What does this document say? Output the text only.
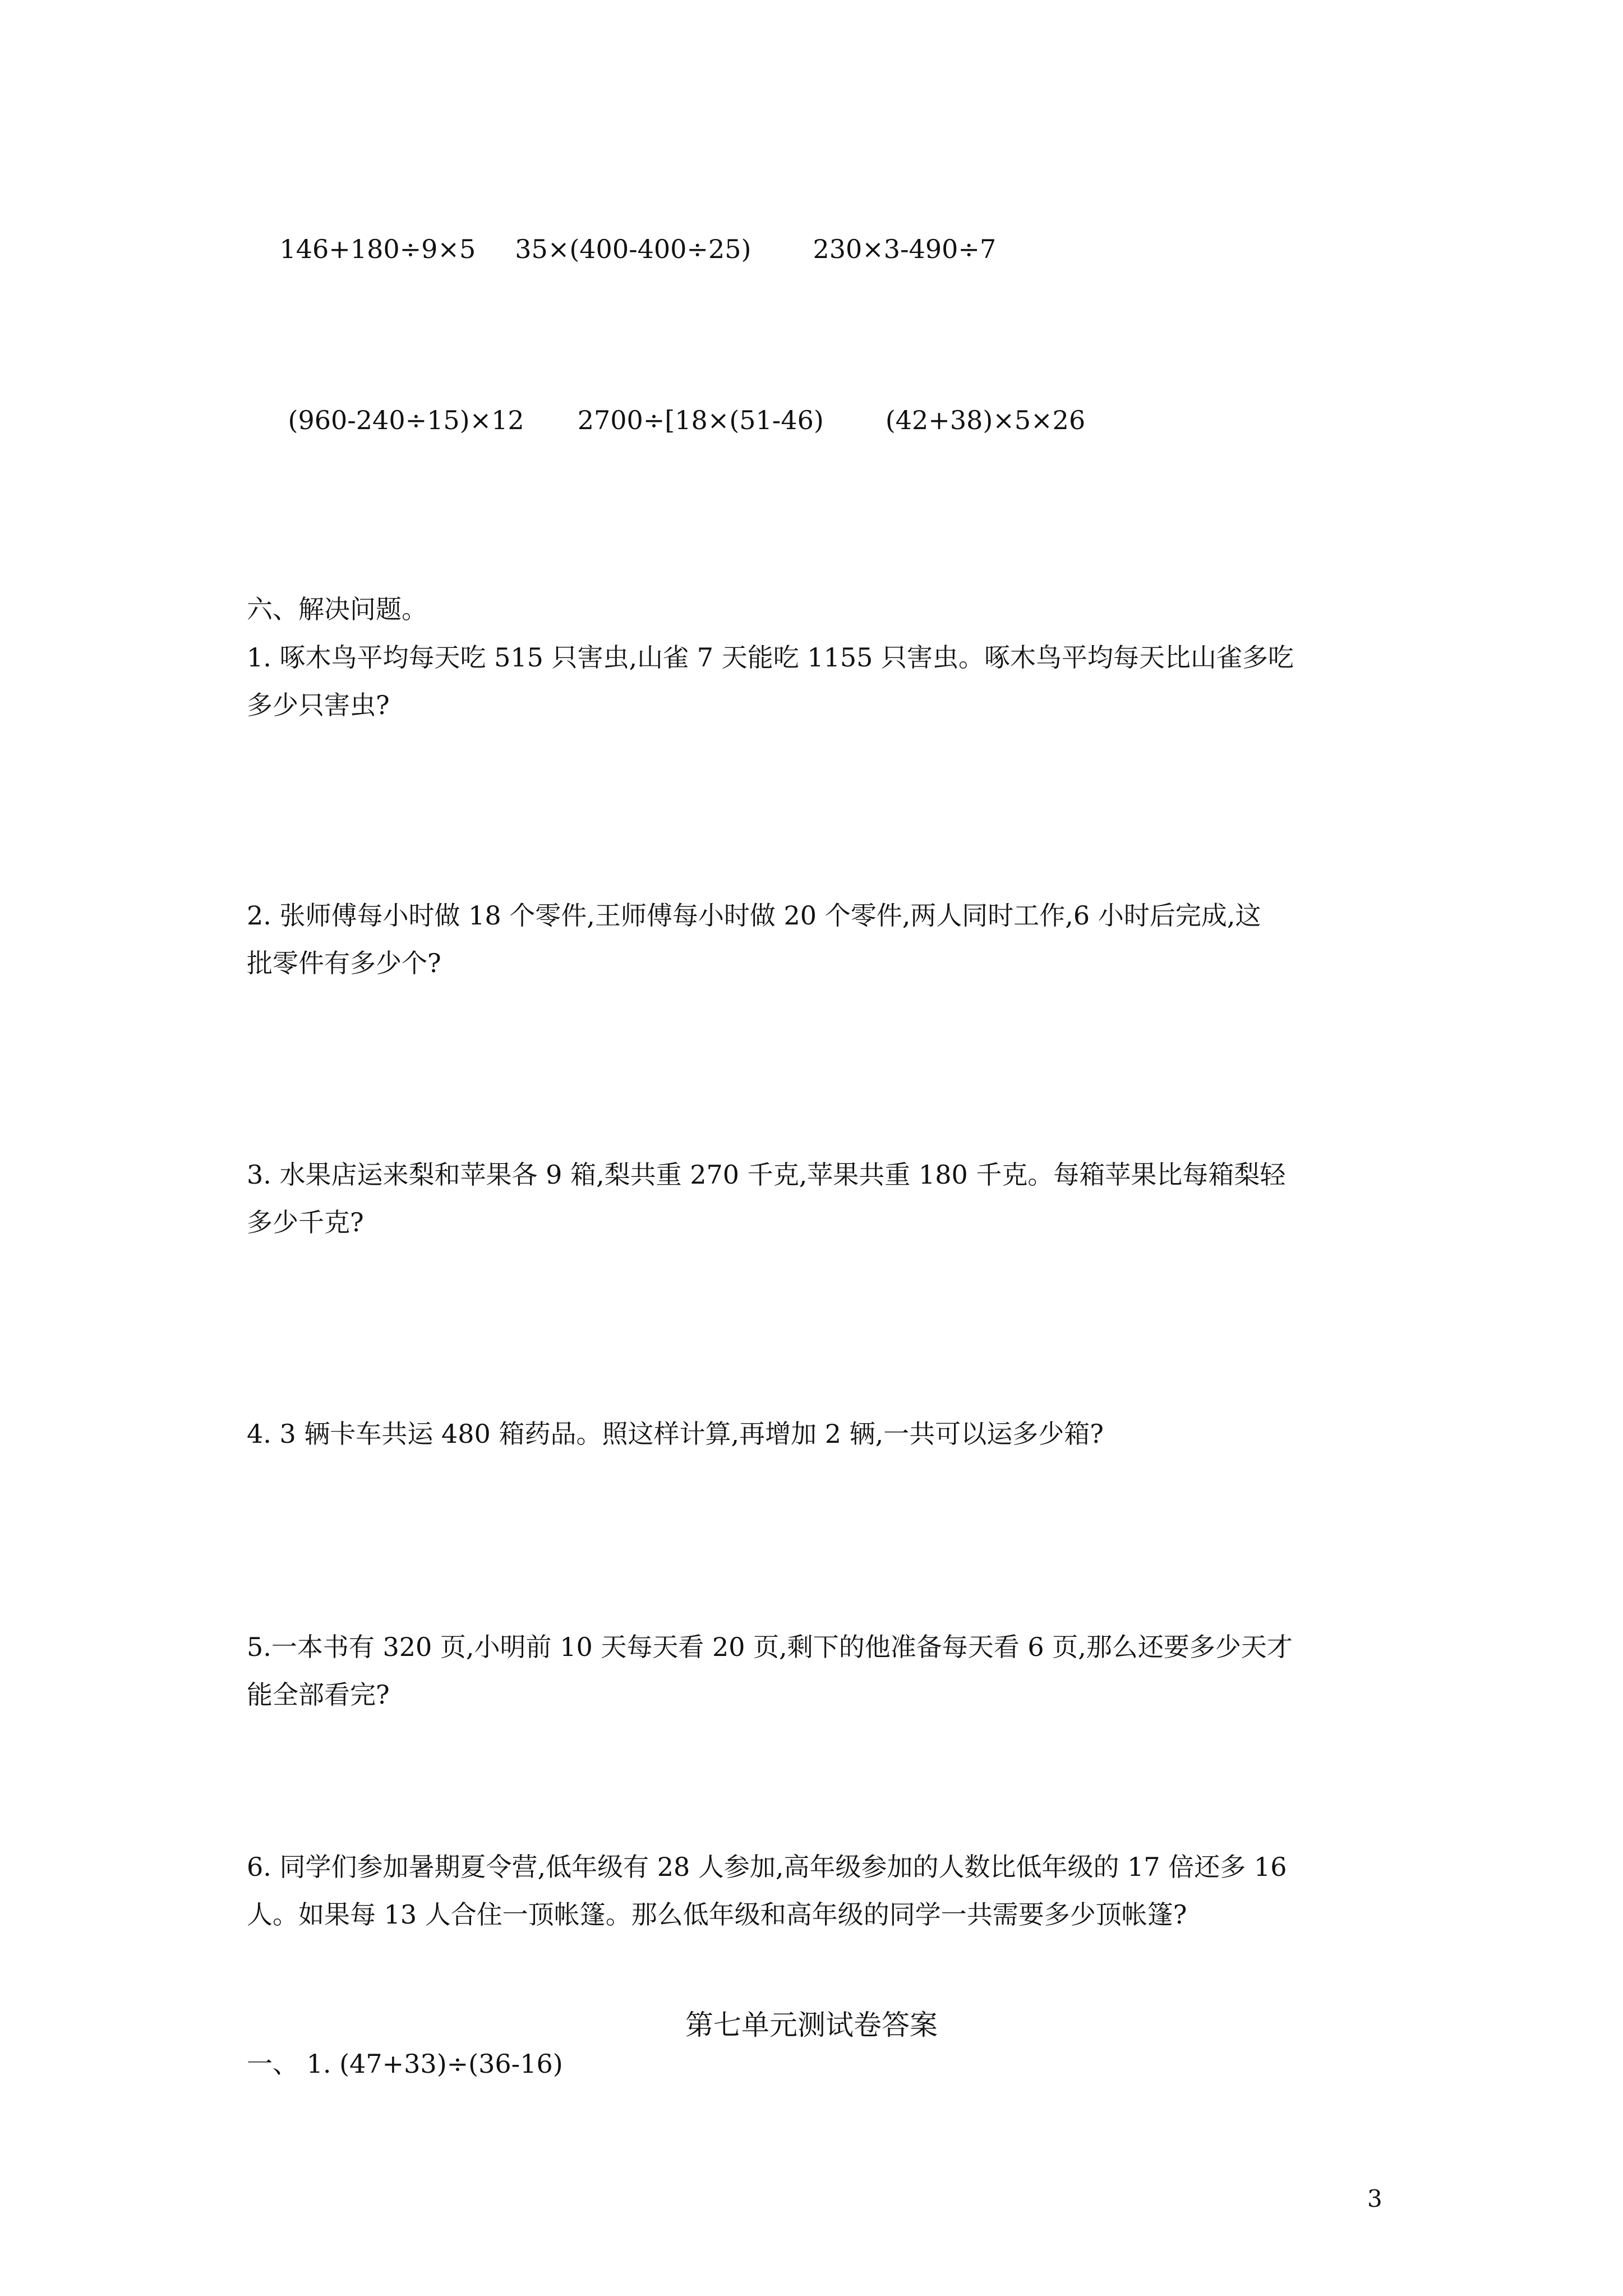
146+180÷9×5 35×(400-400÷25) 230×3-490÷7

(960-240÷15)×12 2700÷[18×(51-46) (42+38)×5×26

六、解决问题。
1. 啄木鸟平均每天吃 515 只害虫,山雀 7 天能吃 1155 只害虫。啄木鸟平均每天比山雀多吃
多少只害虫?
2. 张师傅每小时做 18 个零件,王师傅每小时做 20 个零件,两人同时工作,6 小时后完成,这
批零件有多少个?
3. 水果店运来梨和苹果各 9 箱,梨共重 270 千克,苹果共重 180 千克。每箱苹果比每箱梨轻
多少千克?
4. 3 辆卡车共运 480 箱药品。照这样计算,再增加 2 辆,一共可以运多少箱?
5.一本书有 320 页,小明前 10 天每天看 20 页,剩下的他准备每天看 6 页,那么还要多少天才
能全部看完?
6. 同学们参加暑期夏令营,低年级有 28 人参加,高年级参加的人数比低年级的 17 倍还多 16
人。如果每 13 人合住一顶帐篷。那么低年级和高年级的同学一共需要多少顶帐篷?
第七单元测试卷答案
一、 1. (47+33)÷(36-16)
3
